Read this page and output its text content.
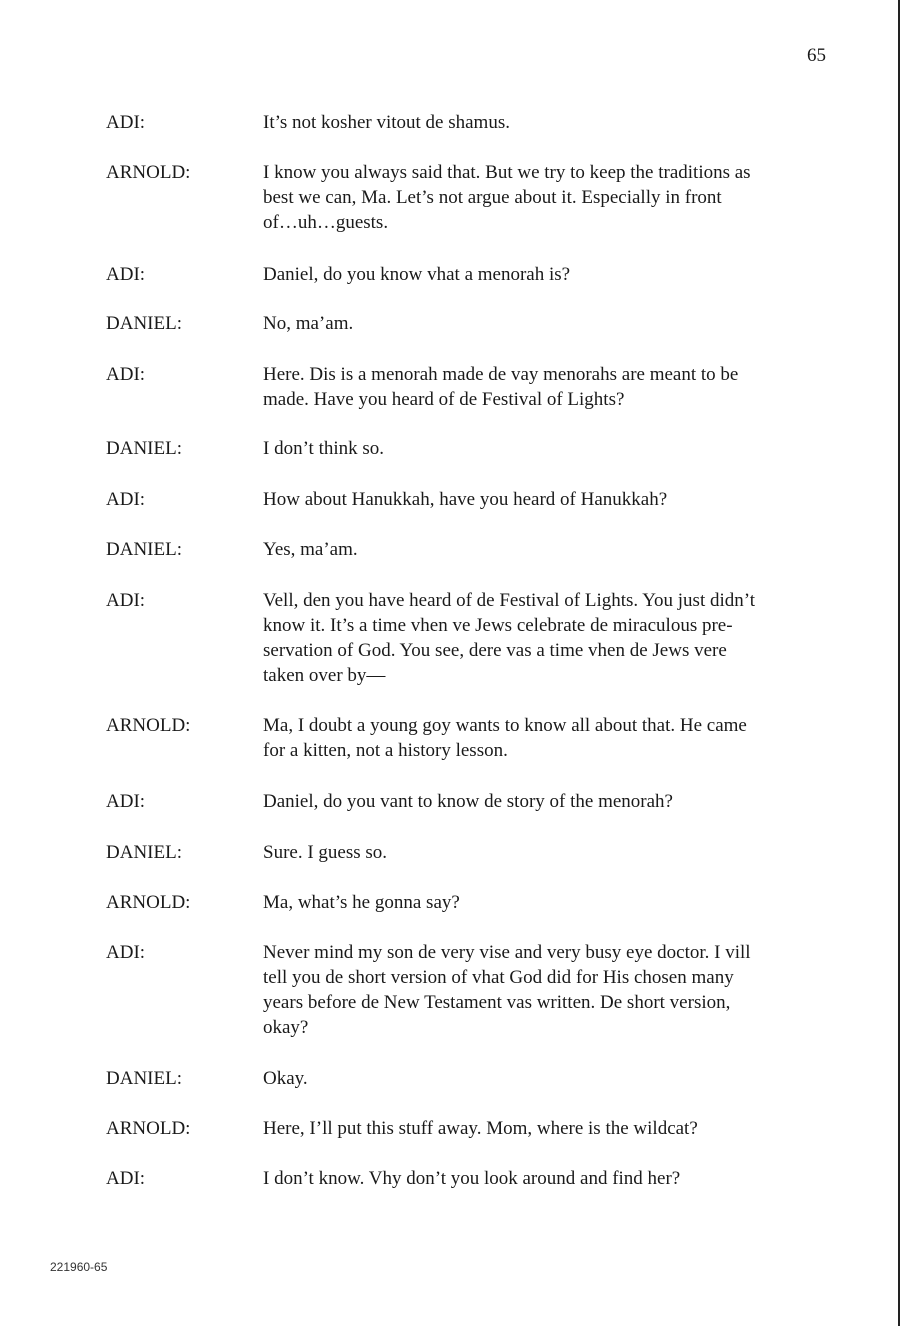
65
ADI:	It’s not kosher vitout de shamus.
ARNOLD:	I know you always said that. But we try to keep the traditions as
best we can, Ma. Let’s not argue about it. Especially in front
of…uh…guests.
ADI:	Daniel, do you know vhat a menorah is?
DANIEL:	No, ma’am.
ADI:	Here. Dis is a menorah made de vay menorahs are meant to be
made. Have you heard of de Festival of Lights?
DANIEL:	I don’t think so.
ADI:	How about Hanukkah, have you heard of Hanukkah?
DANIEL:	Yes, ma’am.
ADI:	Vell, den you have heard of de Festival of Lights. You just didn’t
know it. It’s a time vhen ve Jews celebrate de miraculous pre-
servation of God. You see, dere vas a time vhen de Jews vere
taken over by—
ARNOLD:	Ma, I doubt a young goy wants to know all about that. He came
for a kitten, not a history lesson.
ADI:	Daniel, do you vant to know de story of the menorah?
DANIEL:	Sure. I guess so.
ARNOLD:	Ma, what’s he gonna say?
ADI:	Never mind my son de very vise and very busy eye doctor. I vill
tell you de short version of vhat God did for His chosen many
years before de New Testament vas written. De short version,
okay?
DANIEL:	Okay.
ARNOLD:	Here, I’ll put this stuff away. Mom, where is the wildcat?
ADI:	I don’t know. Vhy don’t you look around and find her?
221960-65
